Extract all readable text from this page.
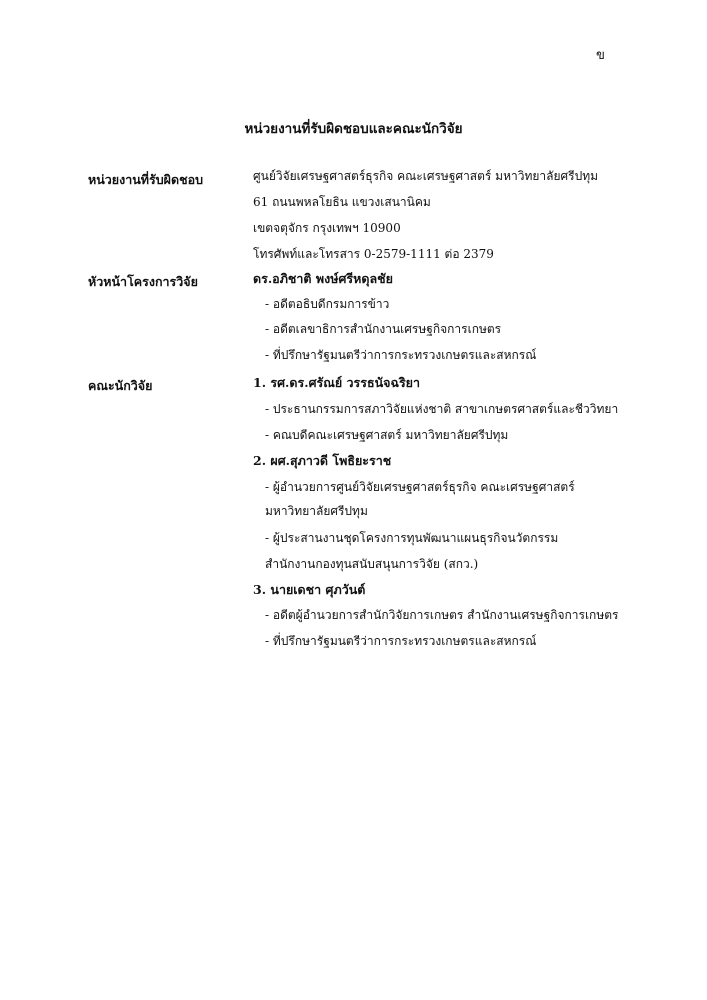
ข
หน่วยงานที่รับผิดชอบและคณะนักวิจัย
หน่วยงานที่รับผิดชอบ	ศูนย์วิจัยเศรษฐศาสตร์ธุรกิจ คณะเศรษฐศาสตร์ มหาวิทยาลัยศรีปทุม
61 ถนนพหลโยธิน แขวงเสนานิคม
เขตจตุจักร กรุงเทพฯ 10900
โทรศัพท์และโทรสาร 0-2579-1111 ต่อ 2379
หัวหน้าโครงการวิจัย	ดร.อภิชาติ พงษ์ศรีหดุลชัย
- อดีตอธิบดีกรมการข้าว
- อดีตเลขาธิการสำนักงานเศรษฐกิจการเกษตร
- ที่ปรึกษารัฐมนตรีว่าการกระทรวงเกษตรและสหกรณ์
คณะนักวิจัย	1. รศ.ดร.ศรัณย์ วรรธนัจฉริยา
- ประธานกรรมการสภาวิจัยแห่งชาติ สาขาเกษตรศาสตร์และชีววิทยา
- คณบดีคณะเศรษฐศาสตร์ มหาวิทยาลัยศรีปทุม
2. ผศ.สุภาวดี โพธิยะราช
- ผู้อำนวยการศูนย์วิจัยเศรษฐศาสตร์ธุรกิจ คณะเศรษฐศาสตร์
มหาวิทยาลัยศรีปทุม
- ผู้ประสานงานชุดโครงการทุนพัฒนาแผนธุรกิจนวัตกรรม
สำนักงานกองทุนสนับสนุนการวิจัย (สกว.)
3. นายเดชา ศุภวันต์
- อดีตผู้อำนวยการสำนักวิจัยการเกษตร สำนักงานเศรษฐกิจการเกษตร
- ที่ปรึกษารัฐมนตรีว่าการกระทรวงเกษตรและสหกรณ์
